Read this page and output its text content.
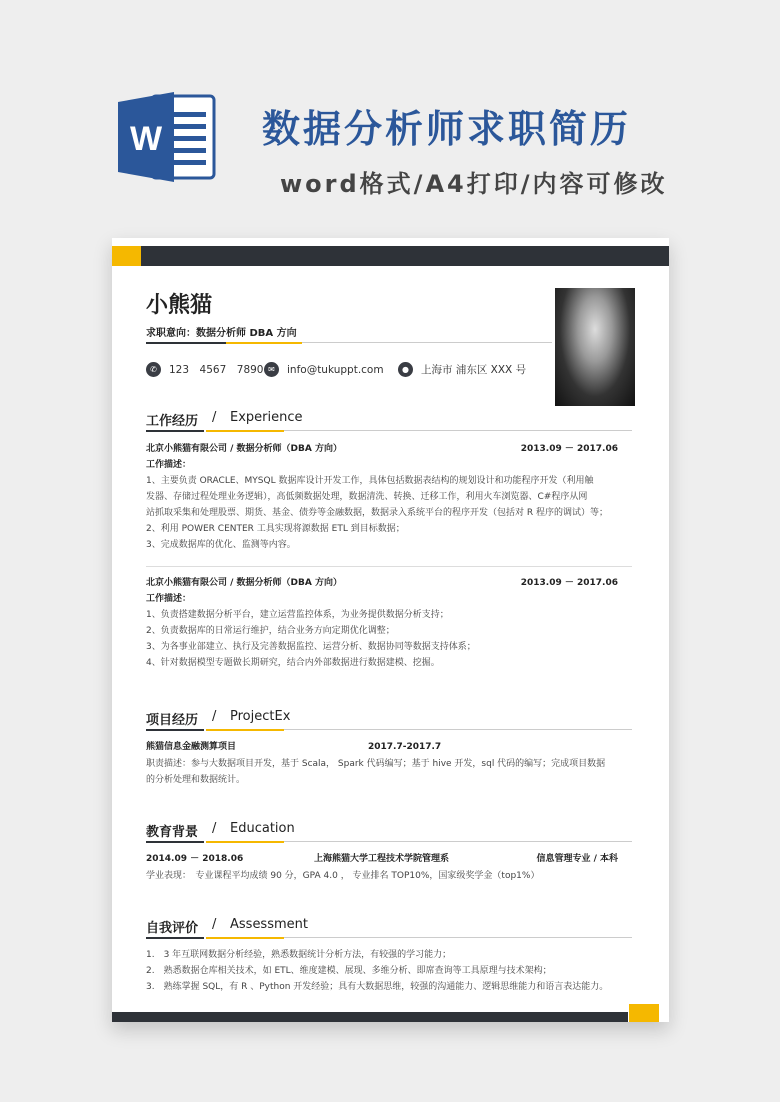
W	数据分析师求职简历
word格式/A4打印/内容可修改
小熊猫
求职意向：数据分析师 DBA 方向
✆	123　4567　7890 ✉	info@tukuppt.com	●	上海市 浦东区 XXX 号
工作经历 / Experience
北京小熊猫有限公司 / 数据分析师（DBA 方向）	2013.09 － 2017.06
工作描述：
1、主要负责 ORACLE、MYSQL 数据库设计开发工作，具体包括数据表结构的规划设计和功能程序开发（利用触
发器、存储过程处理业务逻辑），高低频数据处理，数据清洗、转换、迁移工作，利用火车浏览器、C#程序从网
站抓取采集和处理股票、期货、基金、债券等金融数据，数据录入系统平台的程序开发（包括对 R 程序的调试）等；
2、利用 POWER CENTER 工具实现将源数据 ETL 到目标数据；
3、完成数据库的优化、监测等内容。
北京小熊猫有限公司 / 数据分析师（DBA 方向）	2013.09 － 2017.06
工作描述：
1、负责搭建数据分析平台，建立运营监控体系，为业务提供数据分析支持；
2、负责数据库的日常运行维护，结合业务方向定期优化调整；
3、为各事业部建立、执行及完善数据监控、运营分析、数据协同等数据支持体系；
4、针对数据模型专题做长期研究，结合内外部数据进行数据建模、挖掘。
项目经历 / ProjectEx
熊猫信息金融测算项目	2017.7-2017.7
职责描述：参与大数据项目开发，基于 Scala， Spark 代码编写；基于 hive 开发，sql 代码的编写；完成项目数据
的分析处理和数据统计。
教育背景 / Education
2014.09 － 2018.06	上海熊猫大学工程技术学院管理系	信息管理专业 / 本科
学业表现：　专业课程平均成绩 90 分，GPA 4.0 ， 专业排名 TOP10%，国家级奖学金（top1%）
自我评价 / Assessment
1.　3 年互联网数据分析经验，熟悉数据统计分析方法，有较强的学习能力；
2.　熟悉数据仓库相关技术，如 ETL、维度建模、展现、多维分析、即席查询等工具原理与技术架构；
3.　熟练掌握 SQL，有 R 、Python 开发经验；具有大数据思维，较强的沟通能力、逻辑思维能力和语言表达能力。
